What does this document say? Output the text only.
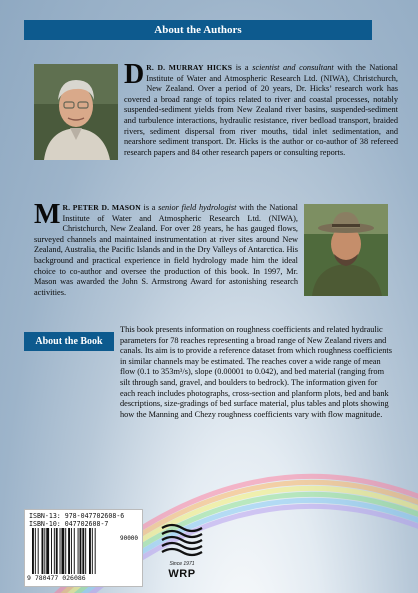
About the Authors

D R. D. MURRAY HICKS is a scientist and consultant with the National Institute of Water and Atmospheric Research Ltd. (NIWA), Christchurch, New Zealand. Over a period of 20 years, Dr. Hicks’ research work has covered a broad range of topics related to river and coastal processes, notably suspended-sediment yields from New Zealand river basins, suspended-sediment and turbulence interactions, hydraulic resistance, river bedload transport, braided rivers, sediment dispersal from river mouths, tidal inlet sedimentation, and nearshore sediment transport. Dr. Hicks is the author or co-author of 38 refereed research papers and 84 other research papers or consulting reports.

M R. PETER D. MASON is a senior field hydrologist with the National Institute of Water and Atmospheric Research Ltd. (NIWA), Christchurch, New Zealand. For over 28 years, he has gauged flows, surveyed channels and maintained instrumentation at river sites around New Zealand, Australia, the Pacific Islands and in the Dry Valleys of Antarctica. His background and practical experience in field hydrology made him the ideal choice to co-author and oversee the production of this book. In 1997, Mr. Mason was awarded the John S. Armstrong Award for astonishing research activities.

About the Book
This book presents information on roughness coefficients and related hydraulic parameters for 78 reaches representing a broad range of New Zealand rivers and canals. Its aim is to provide a reference dataset from which roughness coefficients in similar channels may be estimated. The reaches cover a wide range of mean flow (0.1 to 353m³/s), slope (0.00001 to 0.042), and bed material (ranging from silt through sand, gravel, and boulders to bedrock). The information given for each reach includes photographs, cross-section and planform plots, bed and bank descriptions, size-gradings of bed surface material, plus tables and plots showing how the Manning and Chezy roughness coefficients vary with flow magnitude.
ISBN-13: 978-047702608-6
ISBN-10: 047702608-7
90000
9 780477 026086
Since 1971
WRP
